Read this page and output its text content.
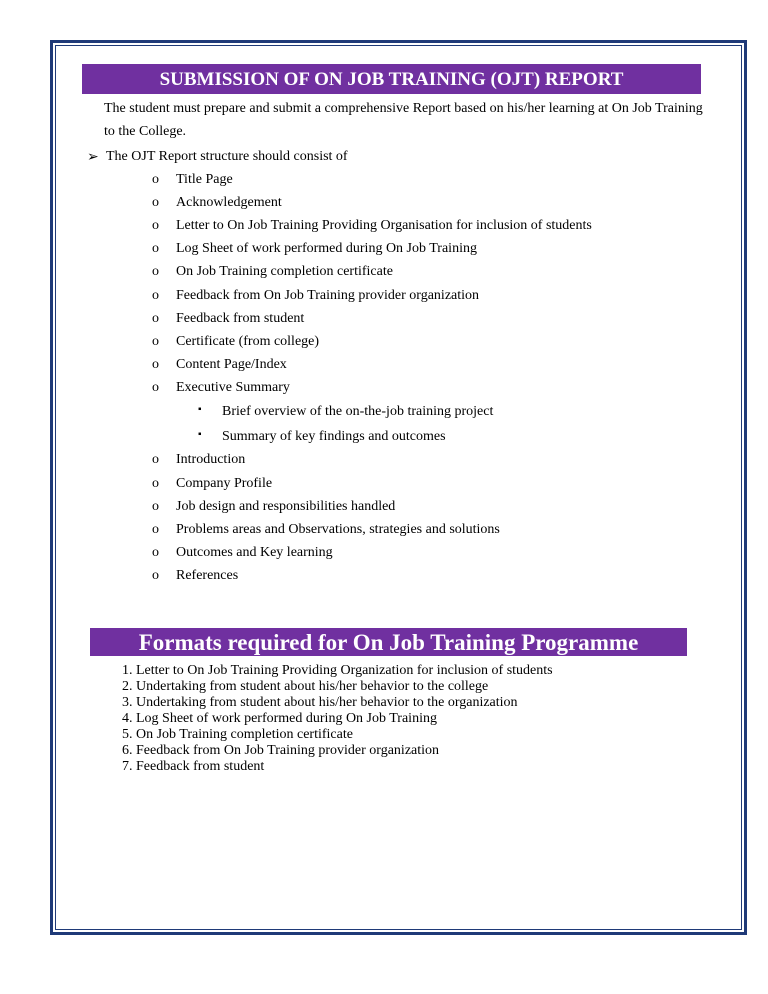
SUBMISSION OF ON JOB TRAINING (OJT) REPORT

The student must prepare and submit a comprehensive Report based on his/her learning at On Job Training to the College.

➢ The OJT Report structure should consist of
o Title Page
o Acknowledgement
o Letter to On Job Training Providing Organisation for inclusion of students
o Log Sheet of work performed during On Job Training
o On Job Training completion certificate
o Feedback from On Job Training provider organization
o Feedback from student
o Certificate (from college)
o Content Page/Index
o Executive Summary
▪ Brief overview of the on-the-job training project
▪ Summary of key findings and outcomes
o Introduction
o Company Profile
o Job design and responsibilities handled
o Problems areas and Observations, strategies and solutions
o Outcomes and Key learning
o References
Formats required for On Job Training Programme
1. Letter to On Job Training Providing Organization for inclusion of students
2. Undertaking from student about his/her behavior to the college
3. Undertaking from student about his/her behavior to the organization
4. Log Sheet of work performed during On Job Training
5. On Job Training completion certificate
6. Feedback from On Job Training provider organization
7. Feedback from student
